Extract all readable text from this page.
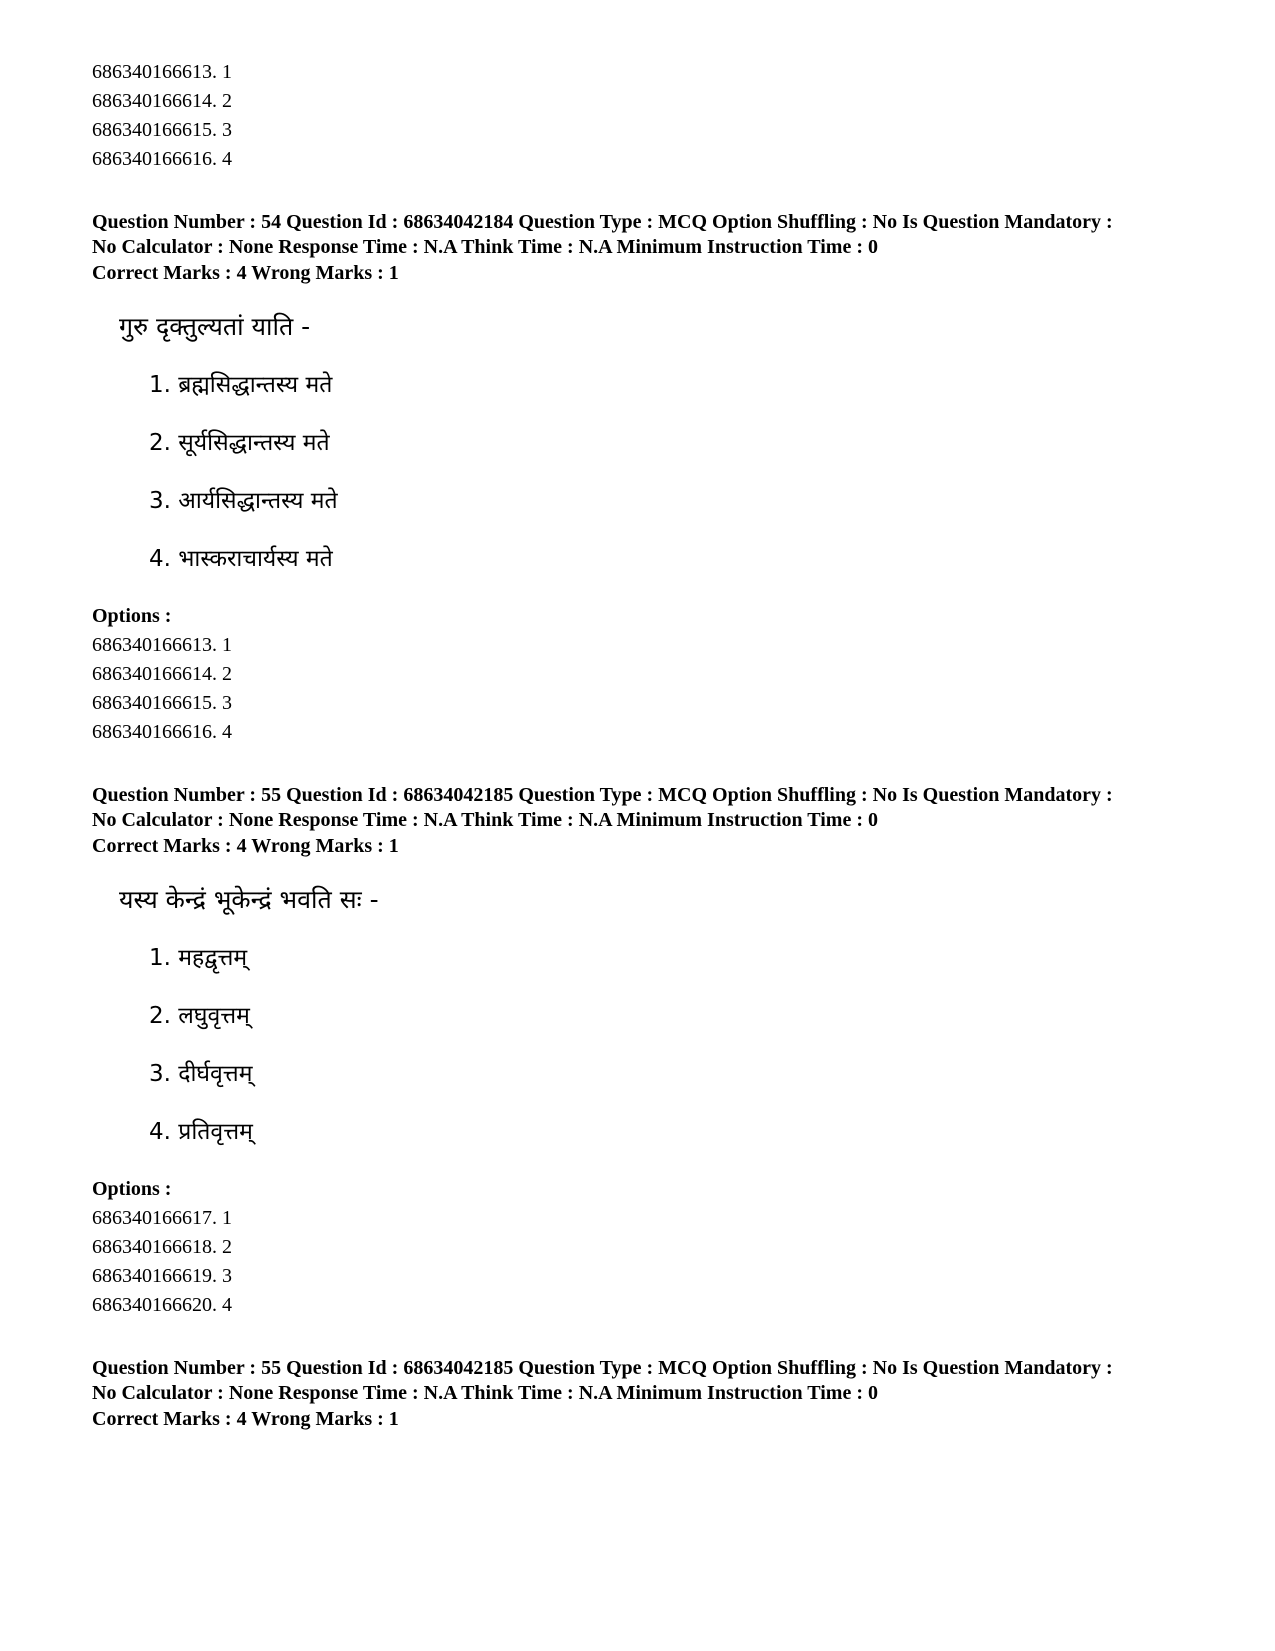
686340166613. 1
686340166614. 2
686340166615. 3
686340166616. 4
Question Number : 54 Question Id : 68634042184 Question Type : MCQ Option Shuffling : No Is Question Mandatory :
No Calculator : None Response Time : N.A Think Time : N.A Minimum Instruction Time : 0
Correct Marks : 4 Wrong Marks : 1
गुरु दृक्तुल्यतां याति -
1. ब्रह्मसिद्धान्तस्य मते
2. सूर्यसिद्धान्तस्य मते
3. आर्यसिद्धान्तस्य मते
4. भास्कराचार्यस्य मते
Options :
686340166613. 1
686340166614. 2
686340166615. 3
686340166616. 4
Question Number : 55 Question Id : 68634042185 Question Type : MCQ Option Shuffling : No Is Question Mandatory :
No Calculator : None Response Time : N.A Think Time : N.A Minimum Instruction Time : 0
Correct Marks : 4 Wrong Marks : 1
यस्य केन्द्रं भूकेन्द्रं भवति सः -
1. महद्वृत्तम्
2. लघुवृत्तम्
3. दीर्घवृत्तम्
4. प्रतिवृत्तम्
Options :
686340166617. 1
686340166618. 2
686340166619. 3
686340166620. 4
Question Number : 55 Question Id : 68634042185 Question Type : MCQ Option Shuffling : No Is Question Mandatory :
No Calculator : None Response Time : N.A Think Time : N.A Minimum Instruction Time : 0
Correct Marks : 4 Wrong Marks : 1
